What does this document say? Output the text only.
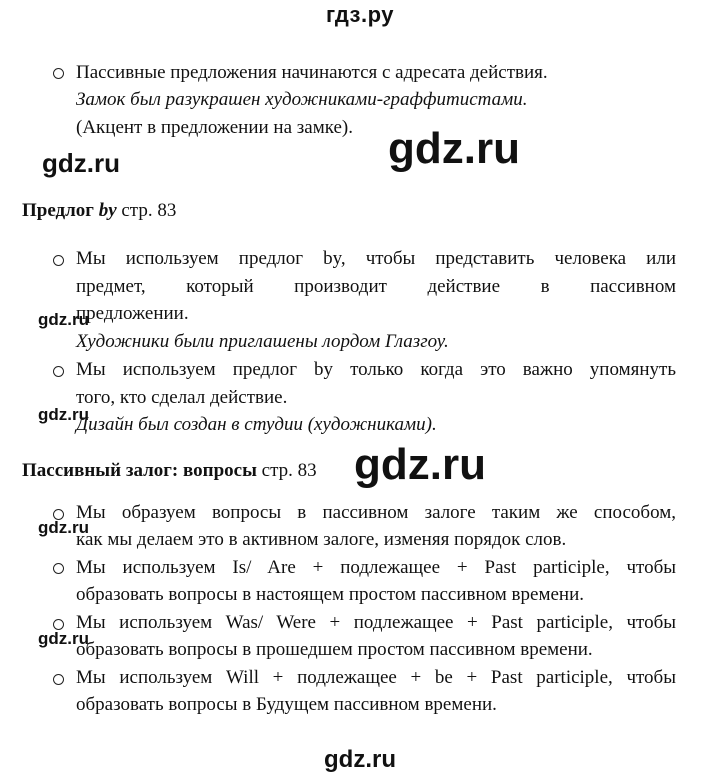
гдз.ру
gdz.ru
gdz.ru
gdz.ru
gdz.ru
gdz.ru
gdz.ru
gdz.ru
gdz.ru
Пассивные предложения начинаются с адресата действия.
Замок был разукрашен художниками-граффитистами.
(Акцент в предложении на замке).
Предлог by стр. 83
Мы используем предлог by, чтобы представить человека или
предмет, который производит действие в пассивном
предложении.
Художники были приглашены лордом Глазгоу.
Мы используем предлог by только когда это важно упомянуть
того, кто сделал действие.
Дизайн был создан в студии (художниками).
Пассивный залог: вопросы стр. 83
Мы образуем вопросы в пассивном залоге таким же способом,
как мы делаем это в активном залоге, изменяя порядок слов.
Мы используем Is/ Are + подлежащее + Past participle, чтобы
образовать вопросы в настоящем простом пассивном времени.
Мы используем Was/ Were + подлежащее + Past participle, чтобы
образовать вопросы в прошедшем простом пассивном времени.
Мы используем Will + подлежащее + be + Past participle, чтобы
образовать вопросы в Будущем пассивном времени.
